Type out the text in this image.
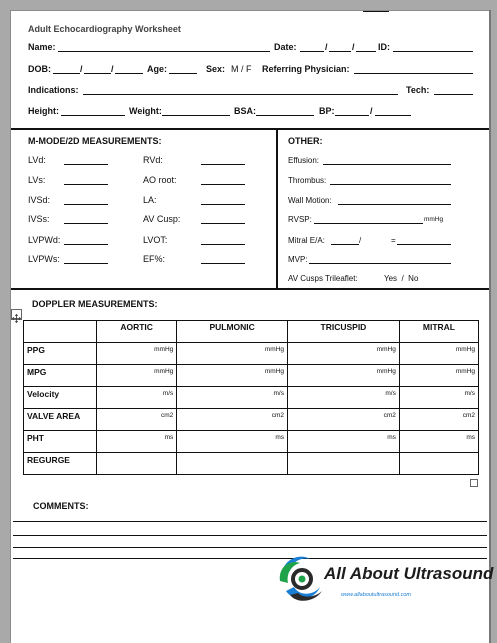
Adult Echocardiography Worksheet
Name:	Date:	/	/	ID:
DOB:	/	/	Age:	Sex: M / F Referring Physician:
Indications:	Tech:
Height:	Weight:	BSA:	BP:	/
M-MODE/2D MEASUREMENTS:
LVd:
LVs:
IVSd:
IVSs:
LVPWd:
LVPWs:
RVd:
AO root:
LA:
AV Cusp:
LVOT:
EF%:
OTHER:
Effusion:
Thrombus:
Wall Motion:
RVSP:	mmHg
Mitral E/A:	/	=
MVP:
AV Cusps Trileaflet:	Yes  /  No
DOPPLER MEASUREMENTS:
	AORTIC	PULMONIC	TRICUSPID	MITRAL
PPG	mmHg	mmHg	mmHg	mmHg
MPG	mmHg	mmHg	mmHg	mmHg
Velocity	m/s	m/s	m/s	m/s
VALVE AREA	cm2	cm2	cm2	cm2
PHT	ms	ms	ms	ms
REGURGE				
COMMENTS:
All About Ultrasound
www.allaboutultrasound.com
